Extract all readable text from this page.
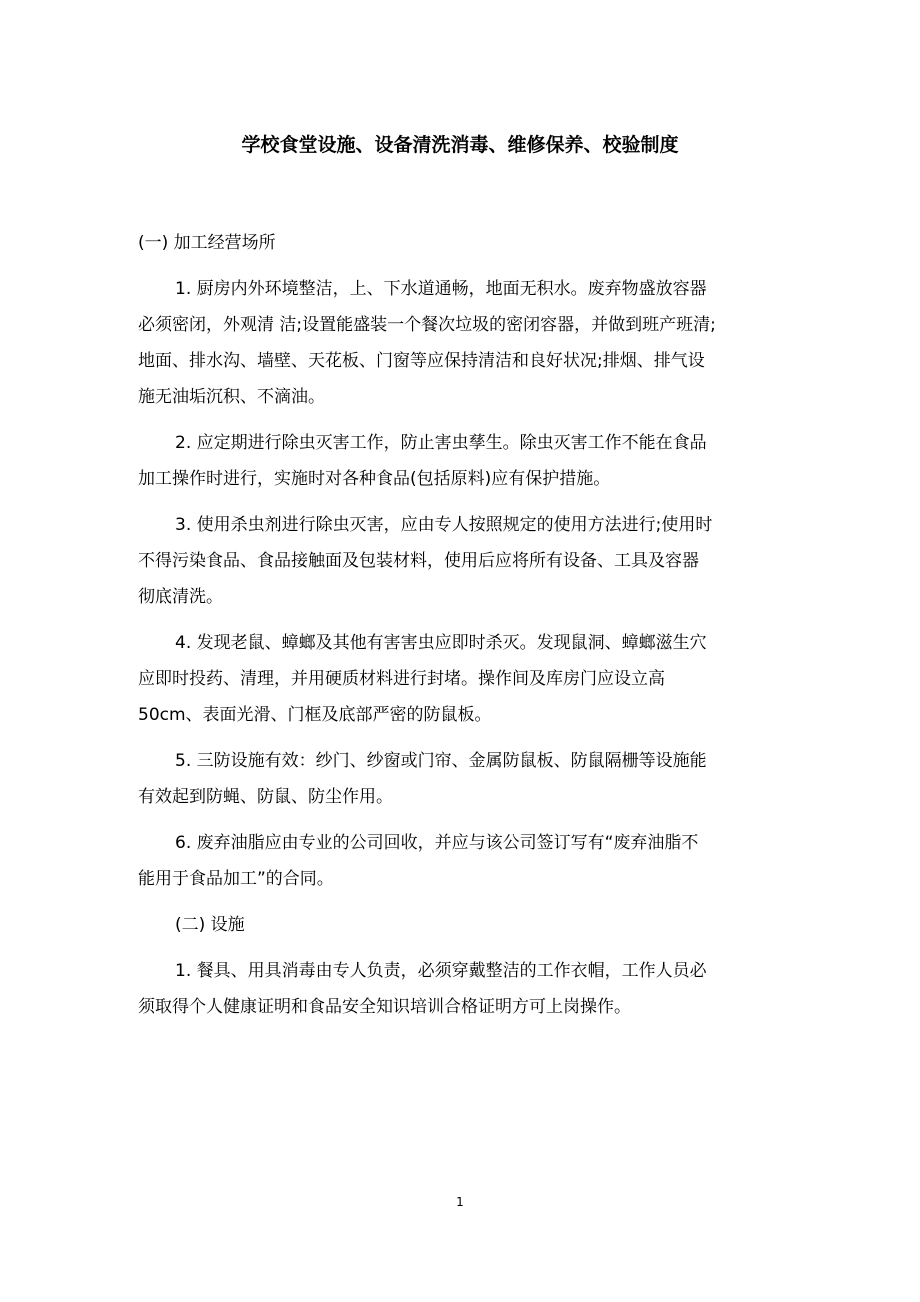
学校食堂设施、设备清洗消毒、维修保养、校验制度
(一) 加工经营场所
1. 厨房内外环境整洁，上、下水道通畅，地面无积水。废弃物盛放容器
必须密闭，外观清 洁;设置能盛装一个餐次垃圾的密闭容器，并做到班产班清;
地面、排水沟、墙壁、天花板、门窗等应保持清洁和良好状况;排烟、排气设
施无油垢沉积、不滴油。
2. 应定期进行除虫灭害工作，防止害虫孳生。除虫灭害工作不能在食品
加工操作时进行，实施时对各种食品(包括原料)应有保护措施。
3. 使用杀虫剂进行除虫灭害，应由专人按照规定的使用方法进行;使用时
不得污染食品、食品接触面及包装材料，使用后应将所有设备、工具及容器
彻底清洗。
4. 发现老鼠、蟑螂及其他有害害虫应即时杀灭。发现鼠洞、蟑螂滋生穴
应即时投药、清理，并用硬质材料进行封堵。操作间及库房门应设立高
50cm、表面光滑、门框及底部严密的防鼠板。
5. 三防设施有效：纱门、纱窗或门帘、金属防鼠板、防鼠隔栅等设施能
有效起到防蝇、防鼠、防尘作用。
6. 废弃油脂应由专业的公司回收，并应与该公司签订写有“废弃油脂不
能用于食品加工”的合同。
(二) 设施
1. 餐具、用具消毒由专人负责，必须穿戴整洁的工作衣帽，工作人员必
须取得个人健康证明和食品安全知识培训合格证明方可上岗操作。
1
